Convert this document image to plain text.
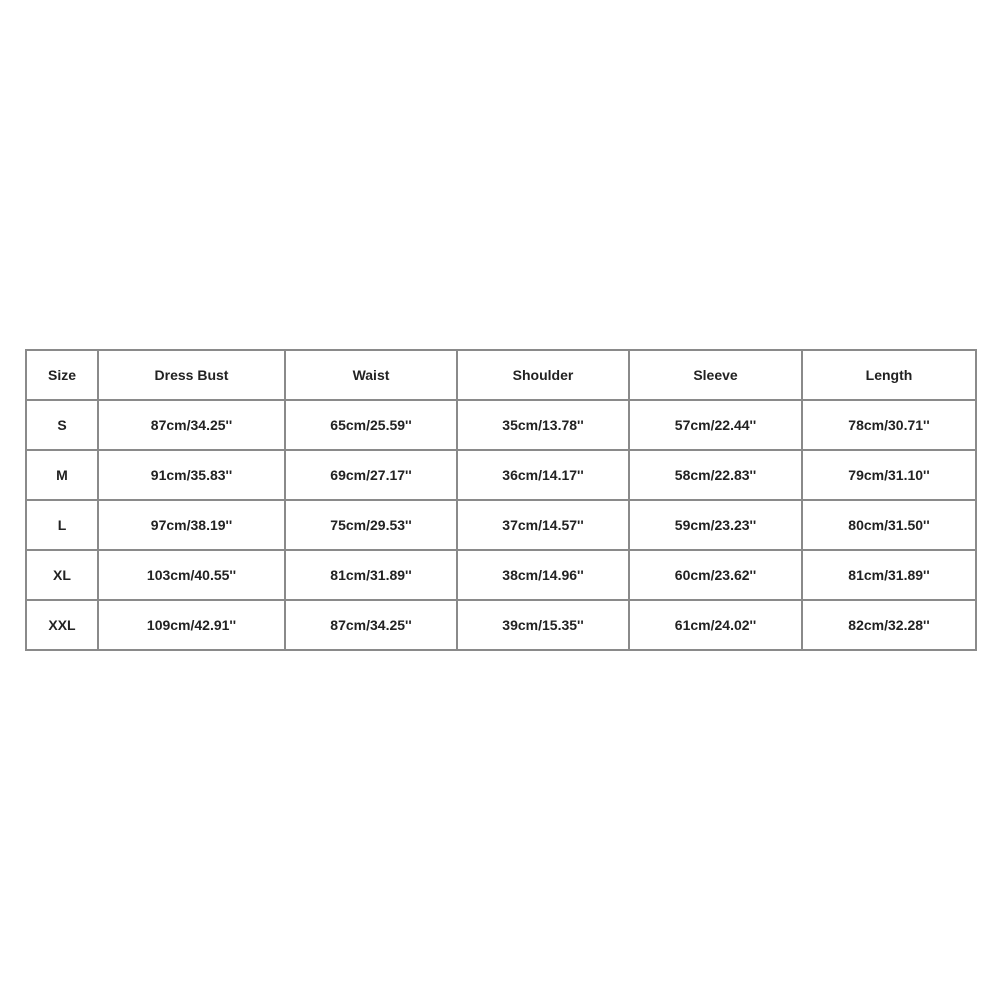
Size	Dress Bust	Waist	Shoulder	Sleeve	Length
S	87cm/34.25''	65cm/25.59''	35cm/13.78''	57cm/22.44''	78cm/30.71''
M	91cm/35.83''	69cm/27.17''	36cm/14.17''	58cm/22.83''	79cm/31.10''
L	97cm/38.19''	75cm/29.53''	37cm/14.57''	59cm/23.23''	80cm/31.50''
XL	103cm/40.55''	81cm/31.89''	38cm/14.96''	60cm/23.62''	81cm/31.89''
XXL	109cm/42.91''	87cm/34.25''	39cm/15.35''	61cm/24.02''	82cm/32.28''
